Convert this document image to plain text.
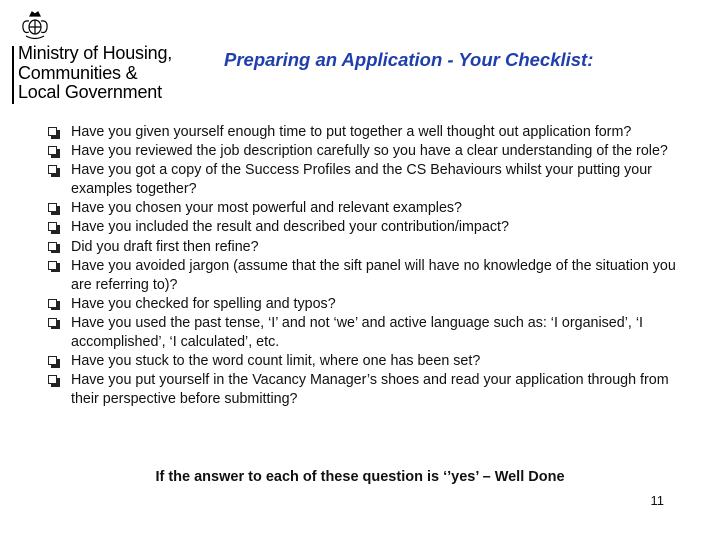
Ministry of Housing,
Communities &
Local Government
Preparing an Application - Your Checklist:
Have you given yourself enough time to put together a well thought out application form?
Have you reviewed the job description carefully so you have a clear understanding of the role?
Have you got a copy of the Success Profiles and the CS Behaviours whilst your putting your examples together?
Have you chosen your most powerful and relevant examples?
Have you included the result and described your contribution/impact?
Did you draft first then refine?
Have you avoided jargon (assume that the sift panel will have no knowledge of the situation you are referring to)?
Have you checked for spelling and typos?
Have you used the past tense, ‘I’ and not ‘we’ and active language such as: ‘I organised’, ‘I accomplished’, ‘I calculated’, etc.
Have you stuck to the word count limit, where one has been set?
Have you put yourself in the Vacancy Manager’s shoes and read your application through from their perspective before submitting?
If the answer to each of these question is ‘’yes’ – Well Done
11
